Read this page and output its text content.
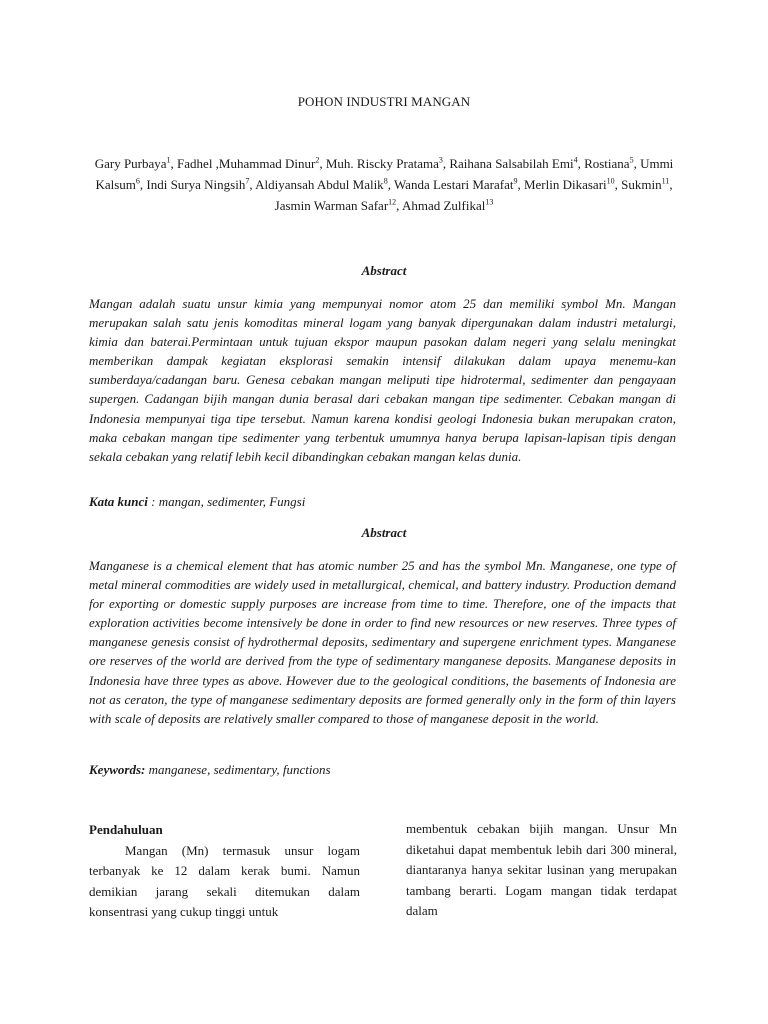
POHON INDUSTRI MANGAN

Gary Purbaya$^1$, Fadhel ,Muhammad Dinur$^2$, Muh. Riscky Pratama$^3$, Raihana Salsabilah Emi$^4$, Rostiana$^5$, Ummi Kalsum$^6$, Indi Surya Ningsih$^7$, Aldiyansah Abdul Malik$^8$, Wanda Lestari Marafat$^9$, Merlin Dikasari$^{10}$, Sukmin$^{11}$, Jasmin Warman Safar$^{12}$, Ahmad Zulfikal$^{13}$

Abstract

Mangan adalah suatu unsur kimia yang mempunyai nomor atom 25 dan memiliki symbol Mn. Mangan merupakan salah satu jenis komoditas mineral logam yang banyak dipergunakan dalam industri metalurgi, kimia dan baterai.Permintaan untuk tujuan ekspor maupun pasokan dalam negeri yang selalu meningkat memberikan dampak kegiatan eksplorasi semakin intensif dilakukan dalam upaya menemu-kan sumberdaya/cadangan baru. Genesa cebakan mangan meliputi tipe hidrotermal, sedimenter dan pengayaan supergen. Cadangan bijih mangan dunia berasal dari cebakan mangan tipe sedimenter. Cebakan mangan di Indonesia mempunyai tiga tipe tersebut. Namun karena kondisi geologi Indonesia bukan merupakan craton, maka cebakan mangan tipe sedimenter yang terbentuk umumnya hanya berupa lapisan-lapisan tipis dengan sekala cebakan yang relatif lebih kecil dibandingkan cebakan mangan kelas dunia.

Kata kunci : mangan, sedimenter, Fungsi

Abstract

Manganese is a chemical element that has atomic number 25 and has the symbol Mn. Manganese, one type of metal mineral commodities are widely used in metallurgical, chemical, and battery industry. Production demand for exporting or domestic supply purposes are increase from time to time. Therefore, one of the impacts that exploration activities become intensively be done in order to find new resources or new reserves. Three types of manganese genesis consist of hydrothermal deposits, sedimentary and supergene enrichment types. Manganese ore reserves of the world are derived from the type of sedimentary manganese deposits. Manganese deposits in Indonesia have three types as above. However due to the geological conditions, the basements of Indonesia are not as ceraton, the type of manganese sedimentary deposits are formed generally only in the form of thin layers with scale of deposits are relatively smaller compared to those of manganese deposit in the world.

Keywords: manganese, sedimentary, functions

Pendahuluan

Mangan (Mn) termasuk unsur logam terbanyak ke 12 dalam kerak bumi. Namun demikian jarang sekali ditemukan dalam konsentrasi yang cukup tinggi untuk

membentuk cebakan bijih mangan. Unsur Mn diketahui dapat membentuk lebih dari 300 mineral, diantaranya hanya sekitar lusinan yang merupakan tambang berarti. Logam mangan tidak terdapat dalam
